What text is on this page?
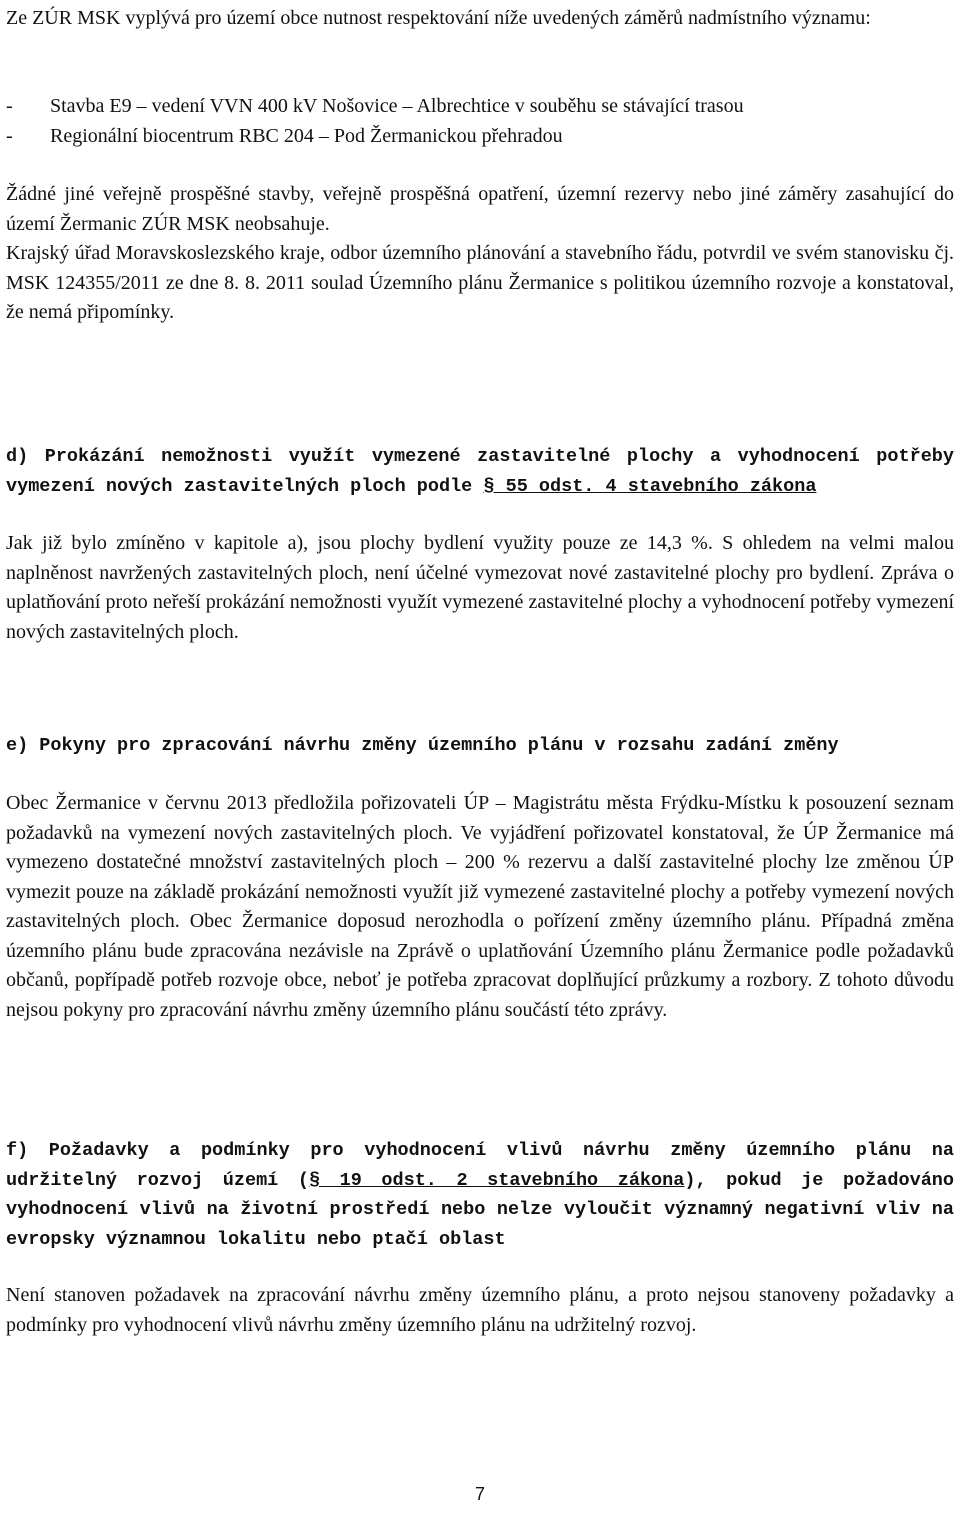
Ze ZÚR MSK vyplývá pro území obce nutnost respektování níže uvedených záměrů nadmístního významu:

-	Stavba E9 – vedení VVN 400 kV Nošovice – Albrechtice v souběhu se stávající trasou
-	Regionální biocentrum RBC 204 – Pod Žermanickou přehradou

Žádné jiné veřejně prospěšné stavby, veřejně prospěšná opatření, územní rezervy nebo jiné záměry zasahující do území Žermanic ZÚR MSK neobsahuje.

Krajský úřad Moravskoslezského kraje, odbor územního plánování a stavebního řádu, potvrdil ve svém stanovisku čj. MSK 124355/2011 ze dne 8. 8. 2011 soulad Územního plánu Žermanice s politikou územního rozvoje a konstatoval, že nemá připomínky.

d) Prokázání nemožnosti využít vymezené zastavitelné plochy a vyhodnocení potřeby vymezení nových zastavitelných ploch podle § 55 odst. 4 stavebního zákona

Jak již bylo zmíněno v kapitole a), jsou plochy bydlení využity pouze ze 14,3 %. S ohledem na velmi malou naplněnost navržených zastavitelných ploch, není účelné vymezovat nové zastavitelné plochy pro bydlení. Zpráva o uplatňování proto neřeší prokázání nemožnosti využít vymezené zastavitelné plochy a vyhodnocení potřeby vymezení nových zastavitelných ploch.

e) Pokyny pro zpracování návrhu změny územního plánu v rozsahu zadání změny

Obec Žermanice v červnu 2013 předložila pořizovateli ÚP – Magistrátu města Frýdku-Místku k posouzení seznam požadavků na vymezení nových zastavitelných ploch. Ve vyjádření pořizovatel konstatoval, že ÚP Žermanice má vymezeno dostatečné množství zastavitelných ploch – 200 % rezervu a další zastavitelné plochy lze změnou ÚP vymezit pouze na základě prokázání nemožnosti využít již vymezené zastavitelné plochy a potřeby vymezení nových zastavitelných ploch. Obec Žermanice doposud nerozhodla o pořízení změny územního plánu. Případná změna územního plánu bude zpracována nezávisle na Zprávě o uplatňování Územního plánu Žermanice podle požadavků občanů, popřípadě potřeb rozvoje obce, neboť je potřeba zpracovat doplňující průzkumy a rozbory. Z tohoto důvodu nejsou pokyny pro zpracování návrhu změny územního plánu součástí této zprávy.

f) Požadavky a podmínky pro vyhodnocení vlivů návrhu změny územního plánu na udržitelný rozvoj území (§ 19 odst. 2 stavebního zákona), pokud je požadováno vyhodnocení vlivů na životní prostředí nebo nelze vyloučit významný negativní vliv na evropsky významnou lokalitu nebo ptačí oblast

Není stanoven požadavek na zpracování návrhu změny územního plánu, a proto nejsou stanoveny požadavky a podmínky pro vyhodnocení vlivů návrhu změny územního plánu na udržitelný rozvoj.

7
